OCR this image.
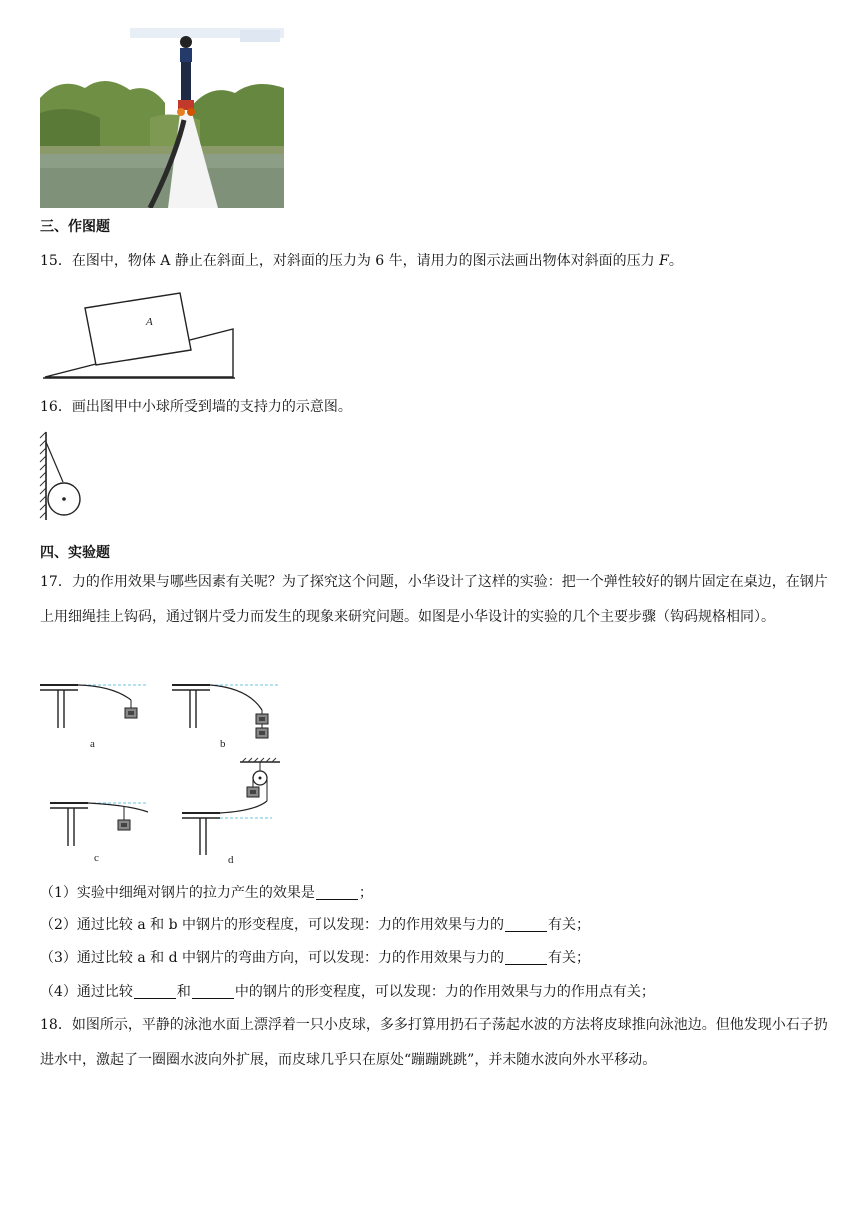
三、作图题
15．在图中，物体 A 静止在斜面上，对斜面的压力为 6 牛，请用力的图示法画出物体对斜面的压力 F。
A
16．画出图甲中小球所受到墙的支持力的示意图。
四、实验题
17．力的作用效果与哪些因素有关呢？为了探究这个问题，小华设计了这样的实验：把一个弹性较好的钢片固定在桌边，在钢片上用细绳挂上钩码，通过钢片受力而发生的现象来研究问题。如图是小华设计的实验的几个主要步骤（钩码规格相同）。
a	b
c	d
（1）实验中细绳对钢片的拉力产生的效果是	；
（2）通过比较 a 和 b 中钢片的形变程度，可以发现：力的作用效果与力的	有关；
（3）通过比较 a 和 d 中钢片的弯曲方向，可以发现：力的作用效果与力的	有关；
（4）通过比较	和	中的钢片的形变程度，可以发现：力的作用效果与力的作用点有关；
18．如图所示，平静的泳池水面上漂浮着一只小皮球，多多打算用扔石子荡起水波的方法将皮球推向泳池边。但他发现小石子扔进水中，激起了一圈圈水波向外扩展，而皮球几乎只在原处“蹦蹦跳跳”，并未随水波向外水平移动。
